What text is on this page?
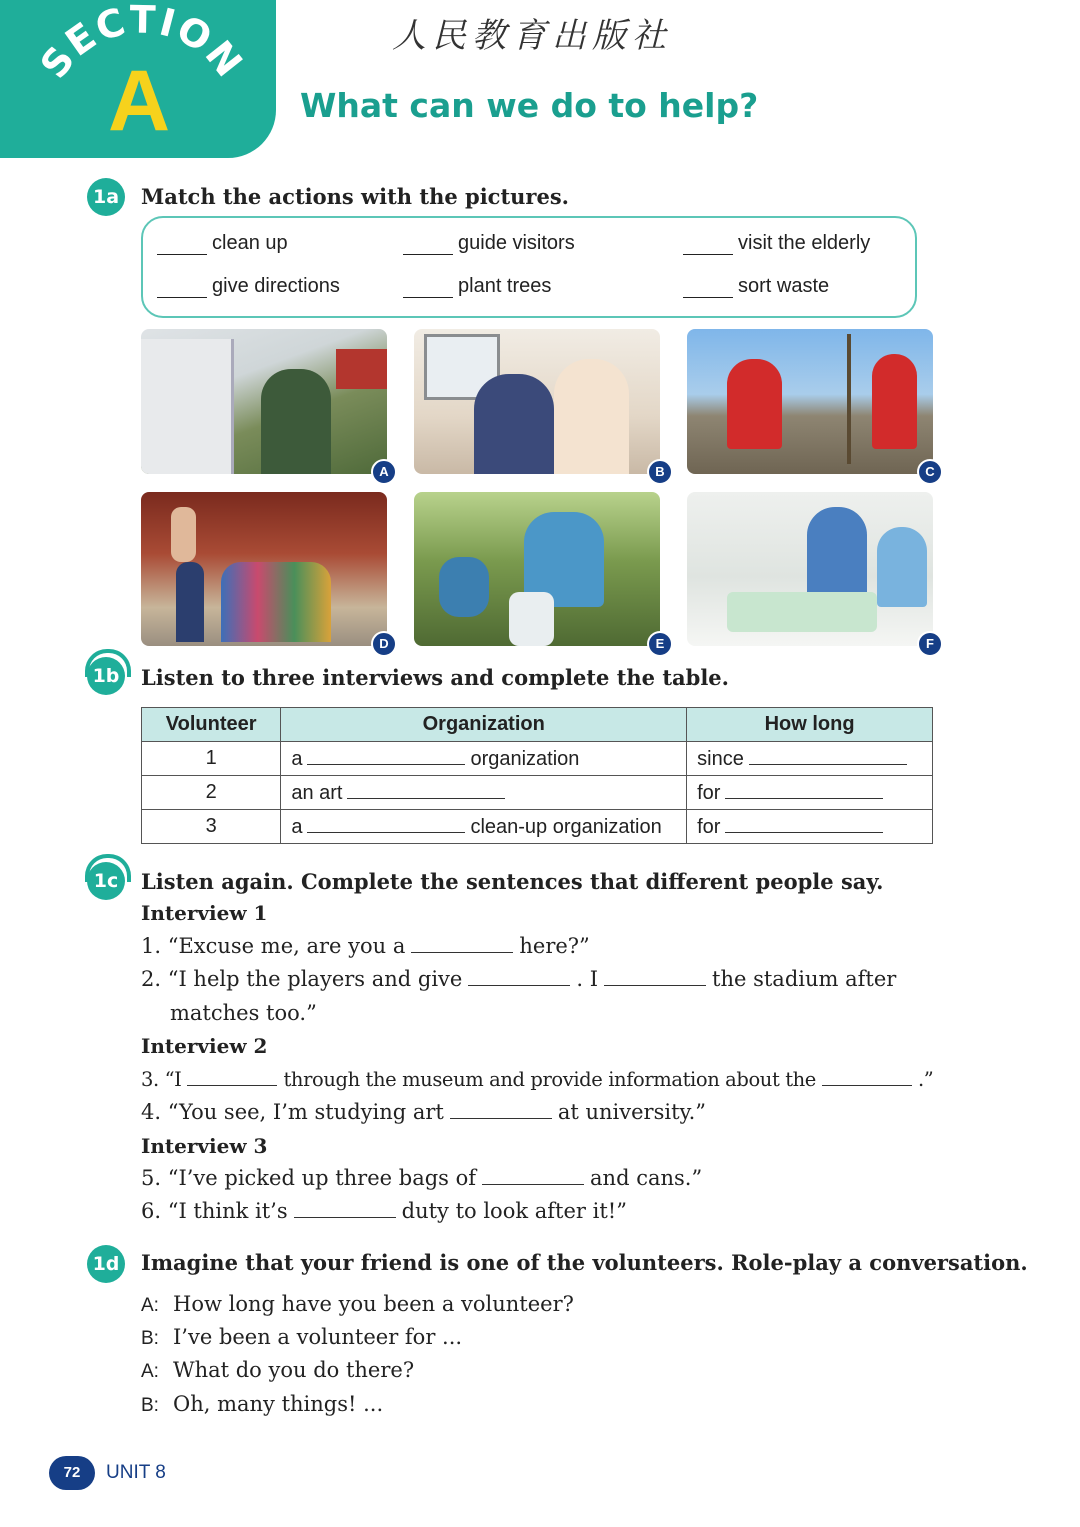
SECTION
A
人民教育出版社
What can we do to help?
1a Match the actions with the pictures.
clean up	guide visitors	visit the elderly
give directions	plant trees	sort waste
A	B	C
D	E	F
1b Listen to three interviews and complete the table.
Volunteer	Organization	How long
1	a organization	since
2	an art	for
3	a clean-up organization	for
1c	Listen again. Complete the sentences that different people say.
Interview 1
1. “Excuse me, are you a	here?”
2. “I help the players and give	. I	the stadium after
matches too.”
Interview 2
3. “I	through the museum and provide information about the	.”
4. “You see, I’m studying art	at university.”
Interview 3
5. “I’ve picked up three bags of	and cans.”
6. “I think it’s	duty to look after it!”
1d Imagine that your friend is one of the volunteers. Role-play a conversation.
A: How long have you been a volunteer?
B: I’ve been a volunteer for ...
A: What do you do there?
B: Oh, many things! ...
72	UNIT 8
